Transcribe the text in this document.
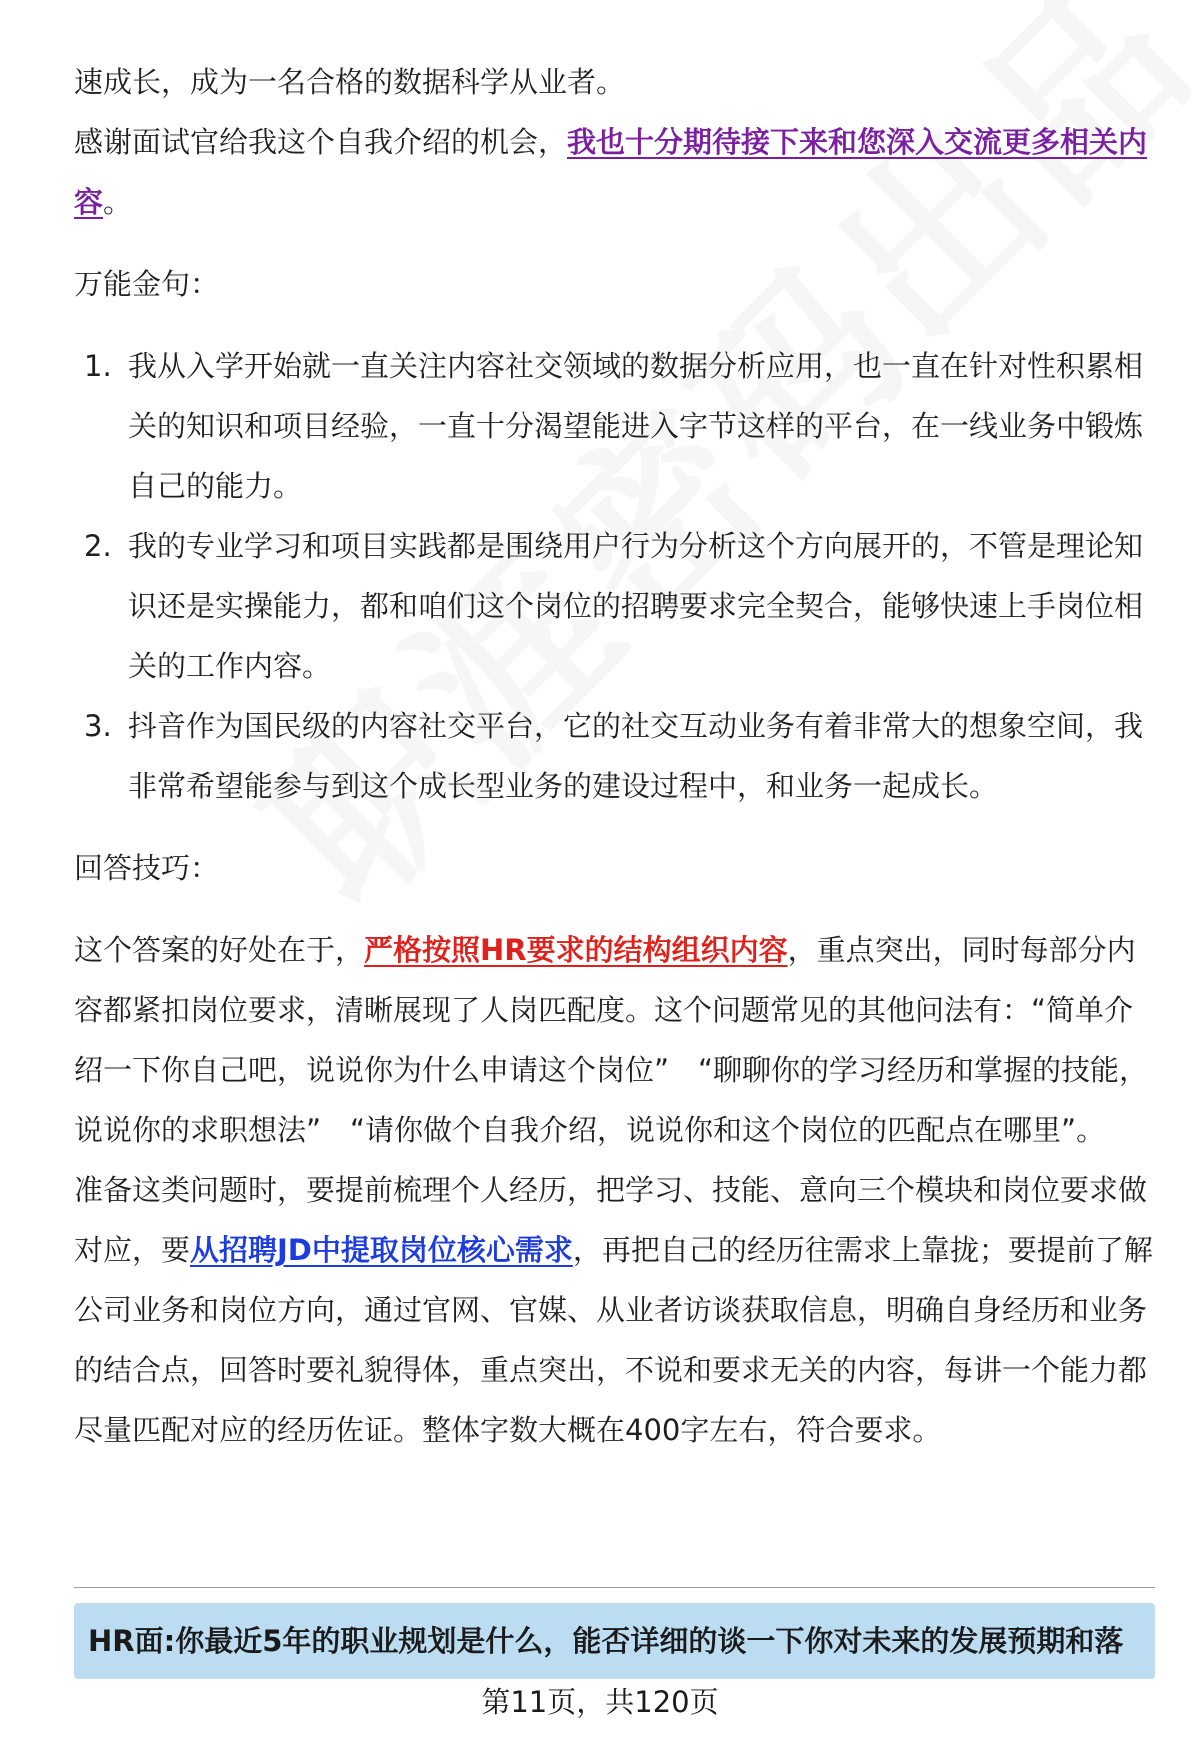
速成长，成为一名合格的数据科学从业者。
感谢面试官给我这个自我介绍的机会，我也十分期待接下来和您深入交流更多相关内容。

万能金句：

1. 我从入学开始就一直关注内容社交领域的数据分析应用，也一直在针对性积累相关的知识和项目经验，一直十分渴望能进入字节这样的平台，在一线业务中锻炼自己的能力。
2. 我的专业学习和项目实践都是围绕用户行为分析这个方向展开的，不管是理论知识还是实操能力，都和咱们这个岗位的招聘要求完全契合，能够快速上手岗位相关的工作内容。
3. 抖音作为国民级的内容社交平台，它的社交互动业务有着非常大的想象空间，我非常希望能参与到这个成长型业务的建设过程中，和业务一起成长。

回答技巧：

这个答案的好处在于，严格按照HR要求的结构组织内容，重点突出，同时每部分内容都紧扣岗位要求，清晰展现了人岗匹配度。这个问题常见的其他问法有：“简单介绍一下你自己吧，说说你为什么申请这个岗位”　“聊聊你的学习经历和掌握的技能，说说你的求职想法”　“请你做个自我介绍，说说你和这个岗位的匹配点在哪里”。

准备这类问题时，要提前梳理个人经历，把学习、技能、意向三个模块和岗位要求做对应，要从招聘JD中提取岗位核心需求，再把自己的经历往需求上靠拢；要提前了解公司业务和岗位方向，通过官网、官媒、从业者访谈获取信息，明确自身经历和业务的结合点，回答时要礼貌得体，重点突出，不说和要求无关的内容，每讲一个能力都尽量匹配对应的经历佐证。整体字数大概在400字左右，符合要求。

HR面:你最近5年的职业规划是什么，能否详细的谈一下你对未来的发展预期和落
第11页，共120页
